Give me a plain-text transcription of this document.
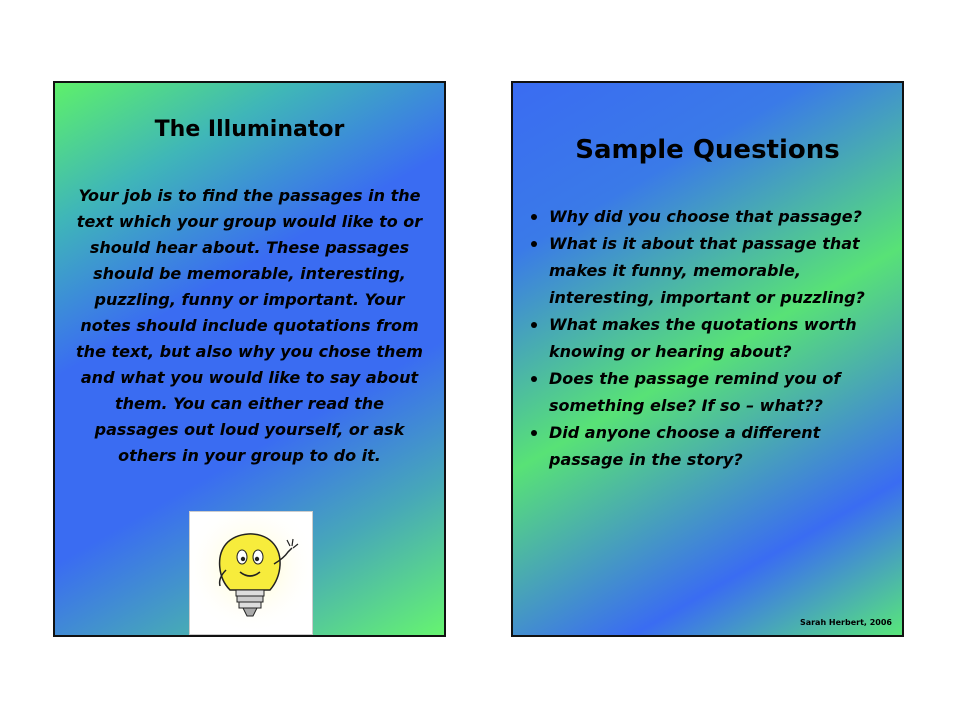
The Illuminator
Your job is to find the passages in the text which your group would like to or should hear about. These passages should be memorable, interesting, puzzling, funny or important. Your notes should include quotations from the text, but also why you chose them and what you would like to say about them. You can either read the passages out loud yourself, or ask others in your group to do it.
Sample Questions
Why did you choose that passage?
What is it about that passage that makes it funny, memorable, interesting, important or puzzling?
What makes the quotations worth knowing or hearing about?
Does the passage remind you of something else? If so – what??
Did anyone choose a different passage in the story?
Sarah Herbert, 2006
